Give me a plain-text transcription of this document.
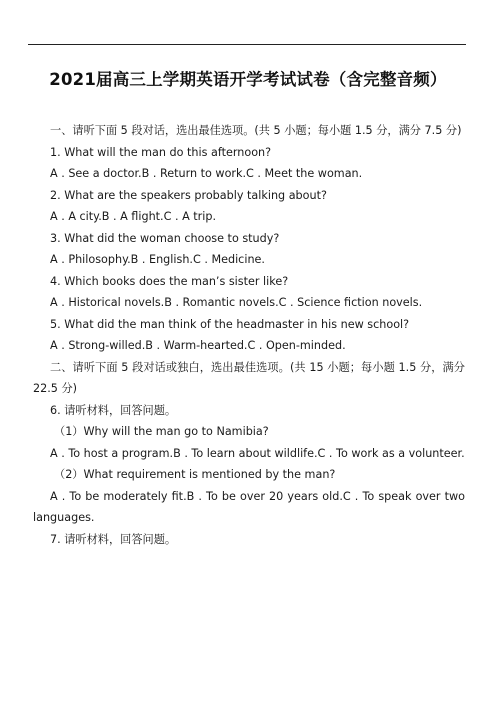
2021届高三上学期英语开学考试试卷（含完整音频）
一、请听下面 5 段对话，选出最佳选项。(共 5 小题；每小题 1.5 分，满分 7.5 分)
1. What will the man do this afternoon?
A . See a doctor.B . Return to work.C . Meet the woman.
2. What are the speakers probably talking about?
A . A city.B . A flight.C . A trip.
3. What did the woman choose to study?
A . Philosophy.B . English.C . Medicine.
4. Which books does the man’s sister like?
A . Historical novels.B . Romantic novels.C . Science fiction novels.
5. What did the man think of the headmaster in his new school?
A . Strong-willed.B . Warm-hearted.C . Open-minded.
二、请听下面 5 段对话或独白，选出最佳选项。(共 15 小题；每小题 1.5 分，满分 22.5 分)
6. 请听材料，回答问题。
（1）Why will the man go to Namibia?
A . To host a program.B . To learn about wildlife.C . To work as a volunteer.
（2）What requirement is mentioned by the man?
A . To be moderately fit.B . To be over 20 years old.C . To speak over two languages.
7. 请听材料，回答问题。
